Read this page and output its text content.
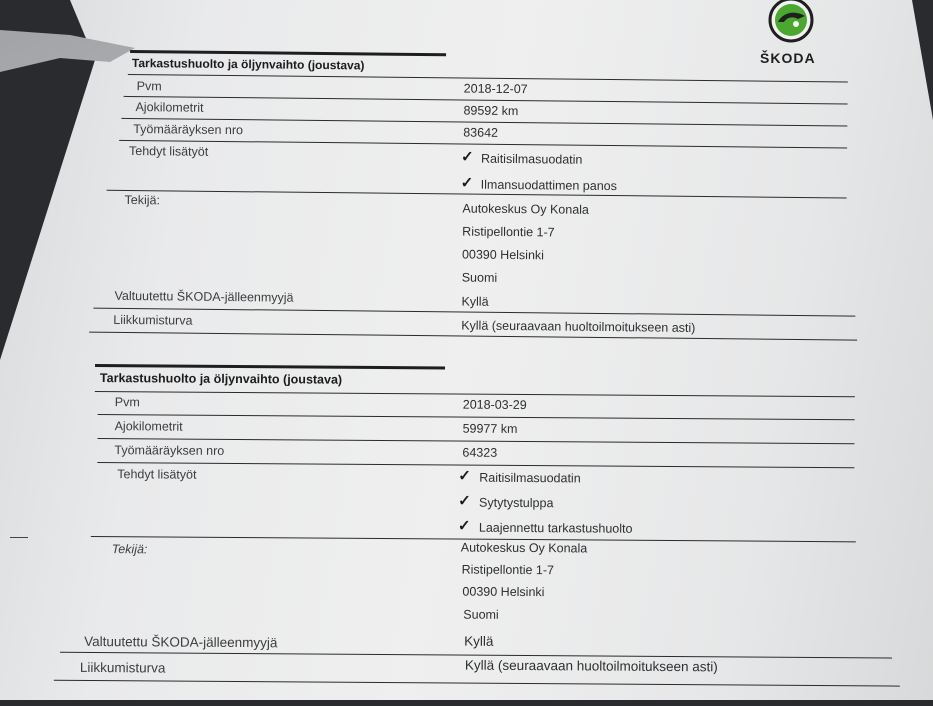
ŠKODA
Tarkastushuolto ja öljynvaihto (joustava)
Pvm	2018-12-07
Ajokilometrit	89592 km
Työmääräyksen nro	83642
Tehdyt lisätyöt	✓ Raitisilmasuodatin
✓ Ilmansuodattimen panos
Tekijä:
Autokeskus Oy Konala
Ristipellontie 1-7
00390 Helsinki
Suomi
Valtuutettu ŠKODA-jälleenmyyjä	Kyllä
Liikkumisturva	Kyllä (seuraavaan huoltoilmoitukseen asti)
Tarkastushuolto ja öljynvaihto (joustava)
Pvm	2018-03-29
Ajokilometrit	59977 km
Työmääräyksen nro	64323
Tehdyt lisätyöt	✓ Raitisilmasuodatin
✓ Sytytystulppa
✓ Laajennettu tarkastushuolto
Tekijä:	Autokeskus Oy Konala
Ristipellontie 1-7
00390 Helsinki
Suomi
Valtuutettu ŠKODA-jälleenmyyjä	Kyllä
Liikkumisturva	Kyllä (seuraavaan huoltoilmoitukseen asti)
